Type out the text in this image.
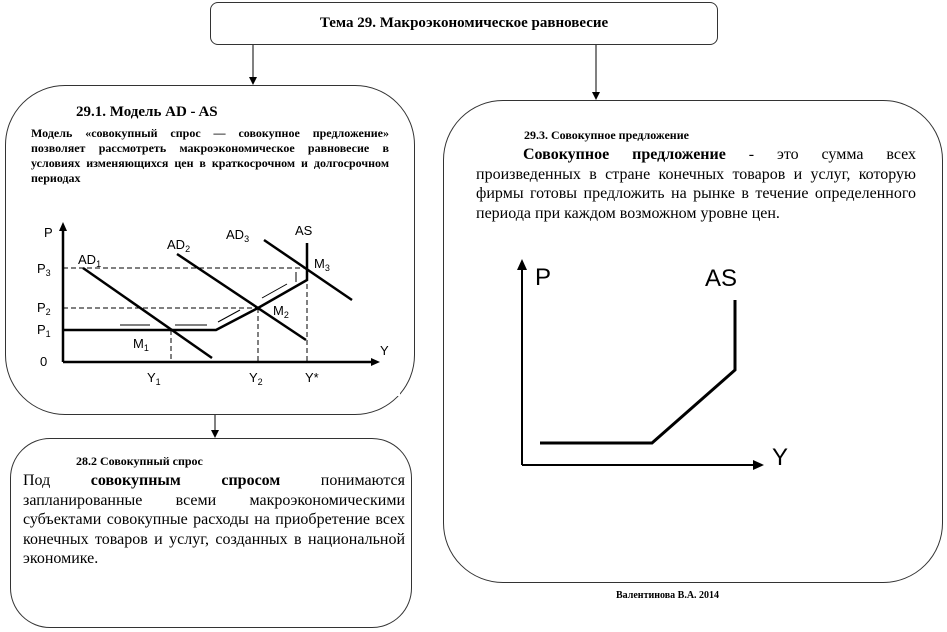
Тема 29. Макроэкономическое равновесие
29.1. Модель AD - AS
Модель «совокупный спрос — совокупное предложение» позволяет рассмотреть макроэкономическое равновесие в условиях изменяющихся цен в краткосрочном и долгосрочном периодах
P
Y
0
$P_3$
$P_2$
$P_1$
$AD_1$
$AD_2$
$AD_3$
AS
$M_1$
$M_2$
$M_3$
$Y_1$	$Y_2$	Y*
29.3. Совокупное предложение
Совокупное предложение - это сумма всех произведенных в стране конечных товаров и услуг, которую фирмы готовы предложить на рынке в течение определенного периода при каждом возможном уровне цен.
P	AS
Y
28.2 Совокупный спрос
Под совокупным спросом понимаются запланированные всеми макроэкономическими субъектами совокупные расходы на приобретение всех конечных товаров и услуг, созданных в национальной экономике.
Валентинова В.А. 2014
